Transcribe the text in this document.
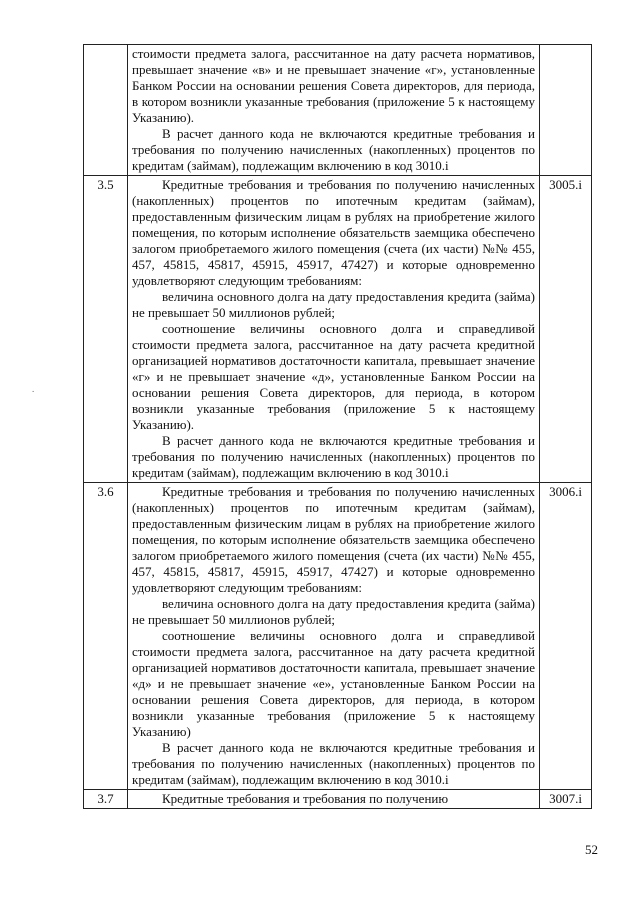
	стоимости предмета залога, рассчитанное на дату расчета нормативов, превышает значение «в» и не превышает значение «г», установленные Банком России на основании решения Совета директоров, для периода, в котором возникли указанные требования (приложение 5 к настоящему Указанию).

В расчет данного кода не включаются кредитные требования и требования по получению начисленных (накопленных) процентов по кредитам (займам), подлежащим включению в код 3010.i	

3.5	Кредитные требования и требования по получению начисленных (накопленных) процентов по ипотечным кредитам (займам), предоставленным физическим лицам в рублях на приобретение жилого помещения, по которым исполнение обязательств заемщика обеспечено залогом приобретаемого жилого помещения (счета (их части) №№ 455, 457, 45815, 45817, 45915, 45917, 47427) и которые одновременно удовлетворяют следующим требованиям:

величина основного долга на дату предоставления кредита (займа) не превышает 50 миллионов рублей;

соотношение величины основного долга и справедливой стоимости предмета залога, рассчитанное на дату расчета кредитной организацией нормативов достаточности капитала, превышает значение «г» и не превышает значение «д», установленные Банком России на основании решения Совета директоров, для периода, в котором возникли указанные требования (приложение 5 к настоящему Указанию).

В расчет данного кода не включаются кредитные требования и требования по получению начисленных (накопленных) процентов по кредитам (займам), подлежащим включению в код 3010.i	3005.i
3.6	Кредитные требования и требования по получению начисленных (накопленных) процентов по ипотечным кредитам (займам), предоставленным физическим лицам в рублях на приобретение жилого помещения, по которым исполнение обязательств заемщика обеспечено залогом приобретаемого жилого помещения (счета (их части) №№ 455, 457, 45815, 45817, 45915, 45917, 47427) и которые одновременно удовлетворяют следующим требованиям:

величина основного долга на дату предоставления кредита (займа) не превышает 50 миллионов рублей;

соотношение величины основного долга и справедливой стоимости предмета залога, рассчитанное на дату расчета кредитной организацией нормативов достаточности капитала, превышает значение «д» и не превышает значение «е», установленные Банком России на основании решения Совета директоров, для периода, в котором возникли указанные требования (приложение 5 к настоящему Указанию)

В расчет данного кода не включаются кредитные требования и требования по получению начисленных (накопленных) процентов по кредитам (займам), подлежащим включению в код 3010.i	3006.i
3.7	Кредитные требования и требования по получению	3007.i
.
52
